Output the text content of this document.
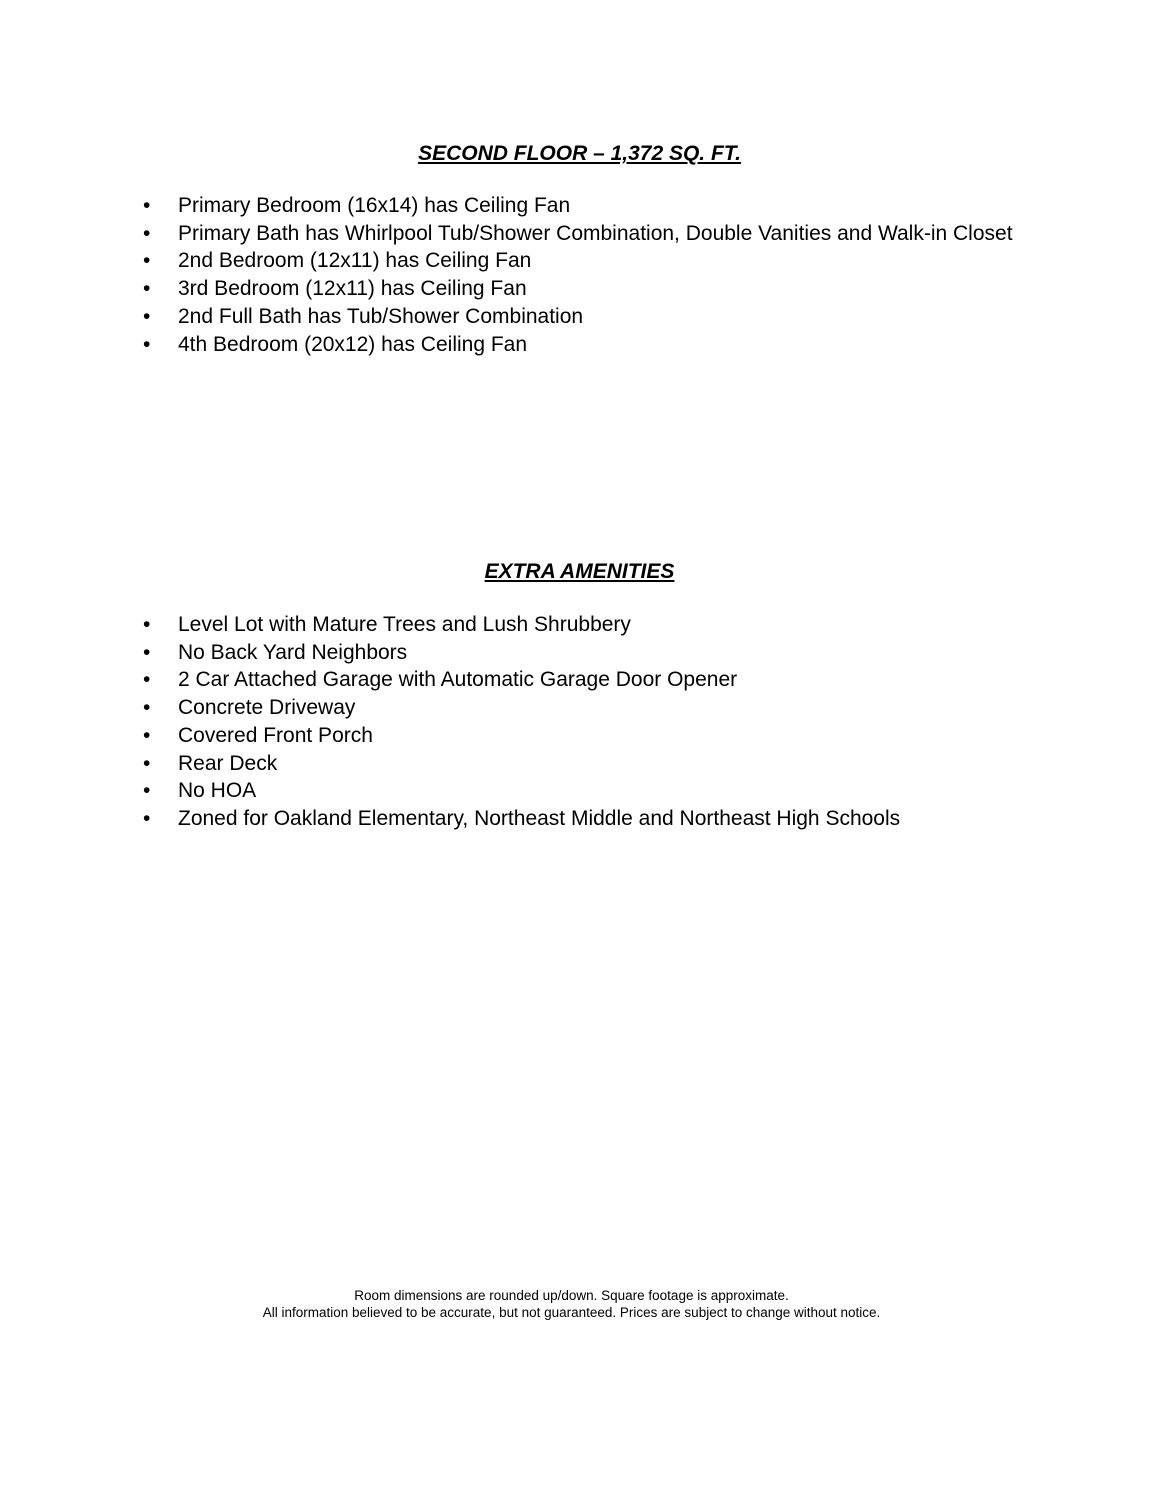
SECOND FLOOR – 1,372 SQ. FT.
• Primary Bedroom (16x14) has Ceiling Fan
• Primary Bath has Whirlpool Tub/Shower Combination, Double Vanities and Walk-in Closet
• 2nd Bedroom (12x11) has Ceiling Fan
• 3rd Bedroom (12x11) has Ceiling Fan
• 2nd Full Bath has Tub/Shower Combination
• 4th Bedroom (20x12) has Ceiling Fan
EXTRA AMENITIES
• Level Lot with Mature Trees and Lush Shrubbery
• No Back Yard Neighbors
• 2 Car Attached Garage with Automatic Garage Door Opener
• Concrete Driveway
• Covered Front Porch
• Rear Deck
• No HOA
• Zoned for Oakland Elementary, Northeast Middle and Northeast High Schools
Room dimensions are rounded up/down. Square footage is approximate.
All information believed to be accurate, but not guaranteed. Prices are subject to change without notice.
